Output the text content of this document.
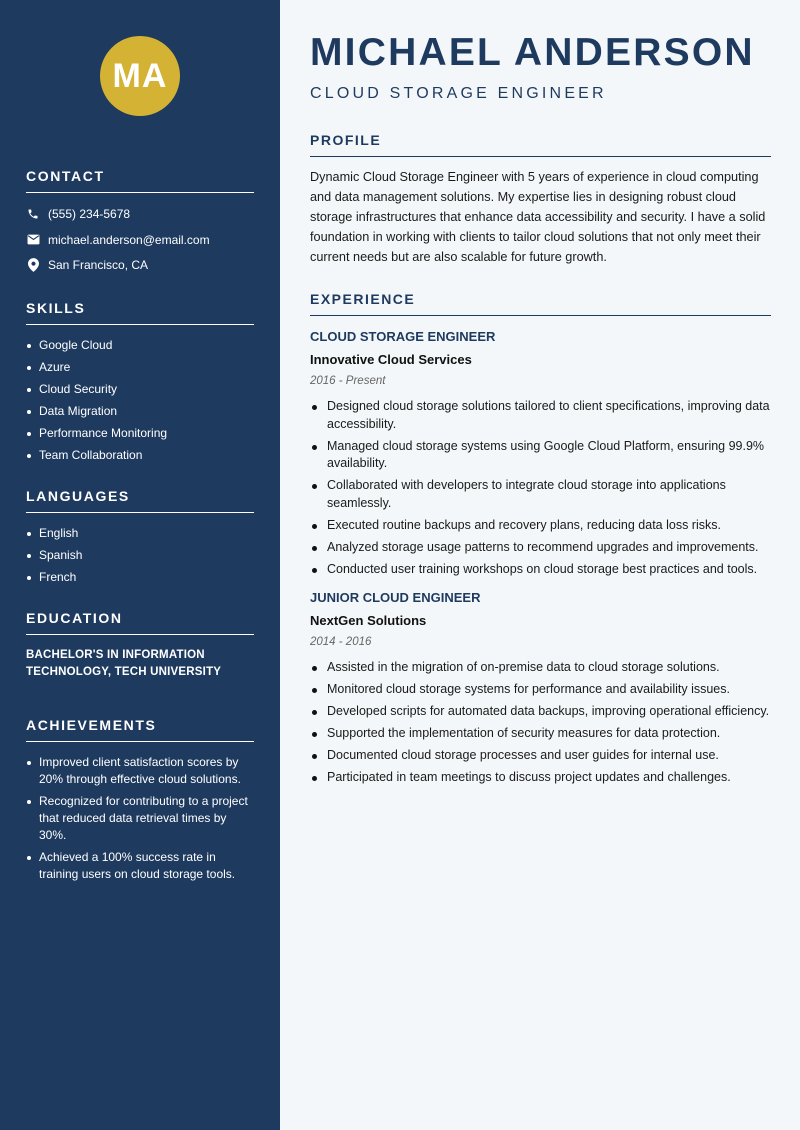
MA
CONTACT
(555) 234-5678
michael.anderson@email.com
San Francisco, CA
SKILLS
Google Cloud
Azure
Cloud Security
Data Migration
Performance Monitoring
Team Collaboration
LANGUAGES
English
Spanish
French
EDUCATION
BACHELOR'S IN INFORMATION TECHNOLOGY, TECH UNIVERSITY
ACHIEVEMENTS
Improved client satisfaction scores by 20% through effective cloud solutions.
Recognized for contributing to a project that reduced data retrieval times by 30%.
Achieved a 100% success rate in training users on cloud storage tools.
MICHAEL ANDERSON
CLOUD STORAGE ENGINEER
PROFILE

Dynamic Cloud Storage Engineer with 5 years of experience in cloud computing and data management solutions. My expertise lies in designing robust cloud storage infrastructures that enhance data accessibility and security. I have a solid foundation in working with clients to tailor cloud solutions that not only meet their current needs but are also scalable for future growth.

EXPERIENCE
CLOUD STORAGE ENGINEER
Innovative Cloud Services
2016 - Present
Designed cloud storage solutions tailored to client specifications, improving data accessibility.
Managed cloud storage systems using Google Cloud Platform, ensuring 99.9% availability.
Collaborated with developers to integrate cloud storage into applications seamlessly.
Executed routine backups and recovery plans, reducing data loss risks.
Analyzed storage usage patterns to recommend upgrades and improvements.
Conducted user training workshops on cloud storage best practices and tools.
JUNIOR CLOUD ENGINEER
NextGen Solutions
2014 - 2016
Assisted in the migration of on-premise data to cloud storage solutions.
Monitored cloud storage systems for performance and availability issues.
Developed scripts for automated data backups, improving operational efficiency.
Supported the implementation of security measures for data protection.
Documented cloud storage processes and user guides for internal use.
Participated in team meetings to discuss project updates and challenges.
